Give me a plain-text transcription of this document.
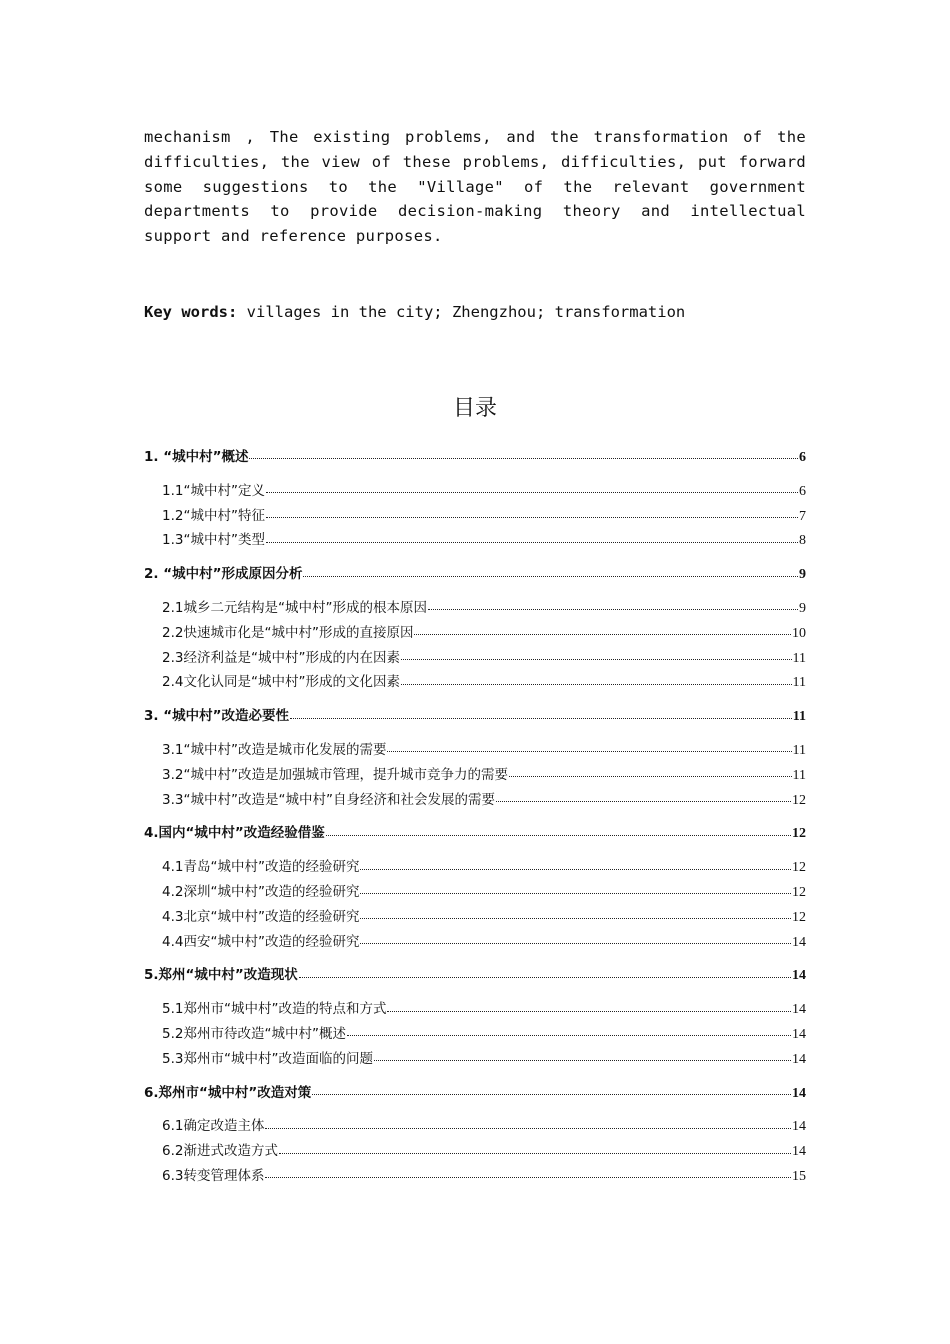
mechanism , The existing problems, and the transformation of the difficulties, the view of these problems, difficulties, put forward some suggestions to the "Village" of the relevant government departments to provide decision-making theory and intellectual support and reference purposes.
Key words: villages in the city; Zhengzhou; transformation
目录
1. “城中村”概述	6
1.1“城中村”定义	6
1.2“城中村”特征	7
1.3“城中村”类型	8
2. “城中村”形成原因分析	9
2.1城乡二元结构是“城中村”形成的根本原因	9
2.2快速城市化是“城中村”形成的直接原因	10
2.3经济利益是“城中村”形成的内在因素	11
2.4文化认同是“城中村”形成的文化因素	11
3. “城中村”改造必要性	11
3.1“城中村”改造是城市化发展的需要	11
3.2“城中村”改造是加强城市管理，提升城市竞争力的需要	11
3.3“城中村”改造是“城中村”自身经济和社会发展的需要	12
4.国内“城中村”改造经验借鉴	12
4.1青岛“城中村”改造的经验研究	12
4.2深圳“城中村”改造的经验研究	12
4.3北京“城中村”改造的经验研究	12
4.4西安“城中村”改造的经验研究	14
5.郑州“城中村”改造现状	14
5.1郑州市“城中村”改造的特点和方式	14
5.2郑州市待改造“城中村”概述	14
5.3郑州市“城中村”改造面临的问题	14
6.郑州市“城中村”改造对策	14
6.1确定改造主体	14
6.2渐进式改造方式	14
6.3转变管理体系	15
